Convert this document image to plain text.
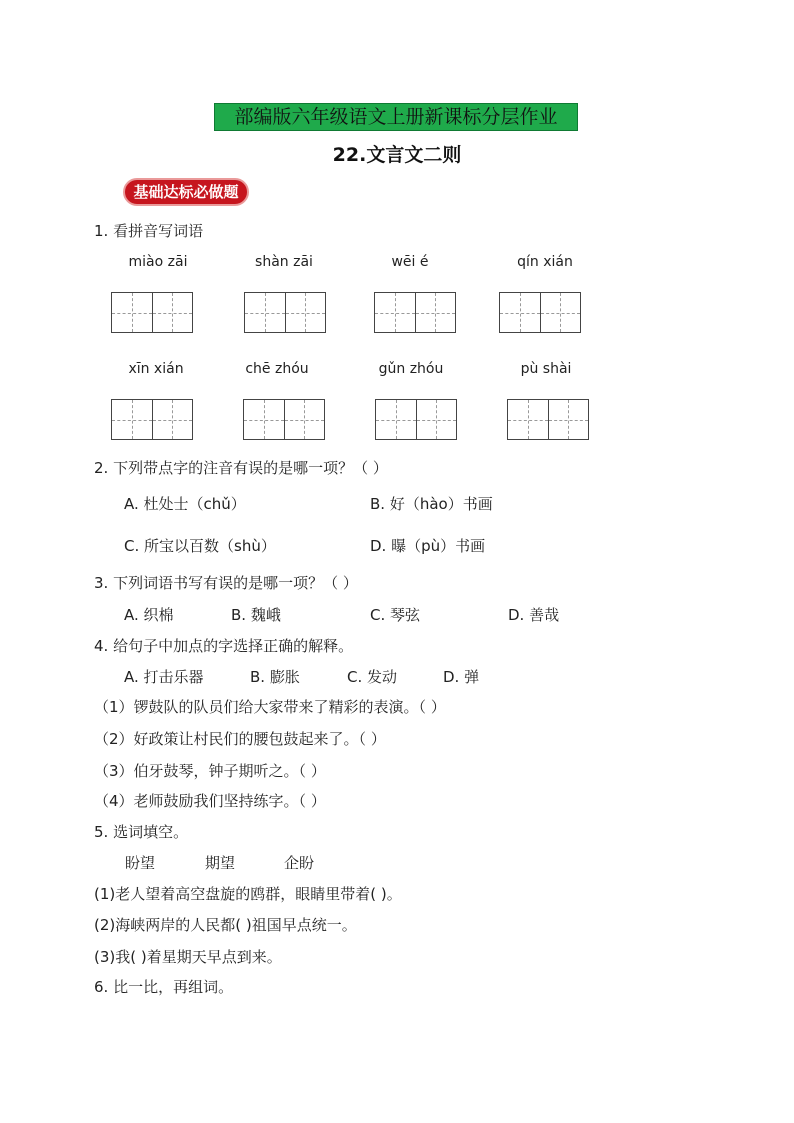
部编版六年级语文上册新课标分层作业
22.文言文二则
基础达标必做题
1. 看拼音写词语
miào zāi	shàn zāi	wēi é	qín xián
xīn xián	chē zhóu	gǔn zhóu	pù shài
2. 下列带点字的注音有误的是哪一项？（ ）
A. 杜处士（chǔ）	B. 好（hào）书画
C. 所宝以百数（shù）	D. 曝（pù）书画
3. 下列词语书写有误的是哪一项？（ ）
A. 织棉	B. 魏峨	C. 琴弦	D. 善哉
4. 给句子中加点的字选择正确的解释。
A. 打击乐器	B. 膨胀	C. 发动	D. 弹
（1）锣鼓队的队员们给大家带来了精彩的表演。（ ）
（2）好政策让村民们的腰包鼓起来了。（ ）
（3）伯牙鼓琴，钟子期听之。（ ）
（4）老师鼓励我们坚持练字。（ ）
5. 选词填空。
盼望	期望	企盼
(1)老人望着高空盘旋的鸥群，眼睛里带着( )。
(2)海峡两岸的人民都( )祖国早点统一。
(3)我( )着星期天早点到来。
6. 比一比，再组词。
